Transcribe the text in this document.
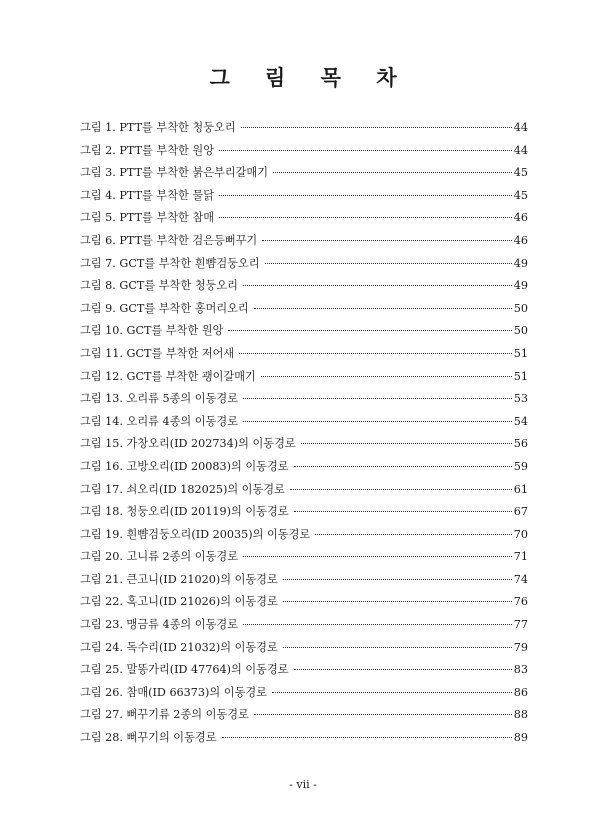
그 림 목 차
그림 1. PTT를 부착한 청둥오리	44
그림 2. PTT를 부착한 원앙	44
그림 3. PTT를 부착한 붉은부리갈매기	45
그림 4. PTT를 부착한 물닭	45
그림 5. PTT를 부착한 참매	46
그림 6. PTT를 부착한 검은등뻐꾸기	46
그림 7. GCT를 부착한 흰뺨검둥오리	49
그림 8. GCT를 부착한 청둥오리	49
그림 9. GCT를 부착한 홍머리오리	50
그림 10. GCT를 부착한 원앙	50
그림 11. GCT를 부착한 저어새	51
그림 12. GCT를 부착한 괭이갈매기	51
그림 13. 오리류 5종의 이동경로	53
그림 14. 오리류 4종의 이동경로	54
그림 15. 가창오리(ID 202734)의 이동경로	56
그림 16. 고방오리(ID 20083)의 이동경로	59
그림 17. 쇠오리(ID 182025)의 이동경로	61
그림 18. 청둥오리(ID 20119)의 이동경로	67
그림 19. 흰뺨검둥오리(ID 20035)의 이동경로	70
그림 20. 고니류 2종의 이동경로	71
그림 21. 큰고니(ID 21020)의 이동경로	74
그림 22. 혹고니(ID 21026)의 이동경로	76
그림 23. 맹금류 4종의 이동경로	77
그림 24. 독수리(ID 21032)의 이동경로	79
그림 25. 말똥가리(ID 47764)의 이동경로	83
그림 26. 참매(ID 66373)의 이동경로	86
그림 27. 뻐꾸기류 2종의 이동경로	88
그림 28. 뻐꾸기의 이동경로	89

- vii -
